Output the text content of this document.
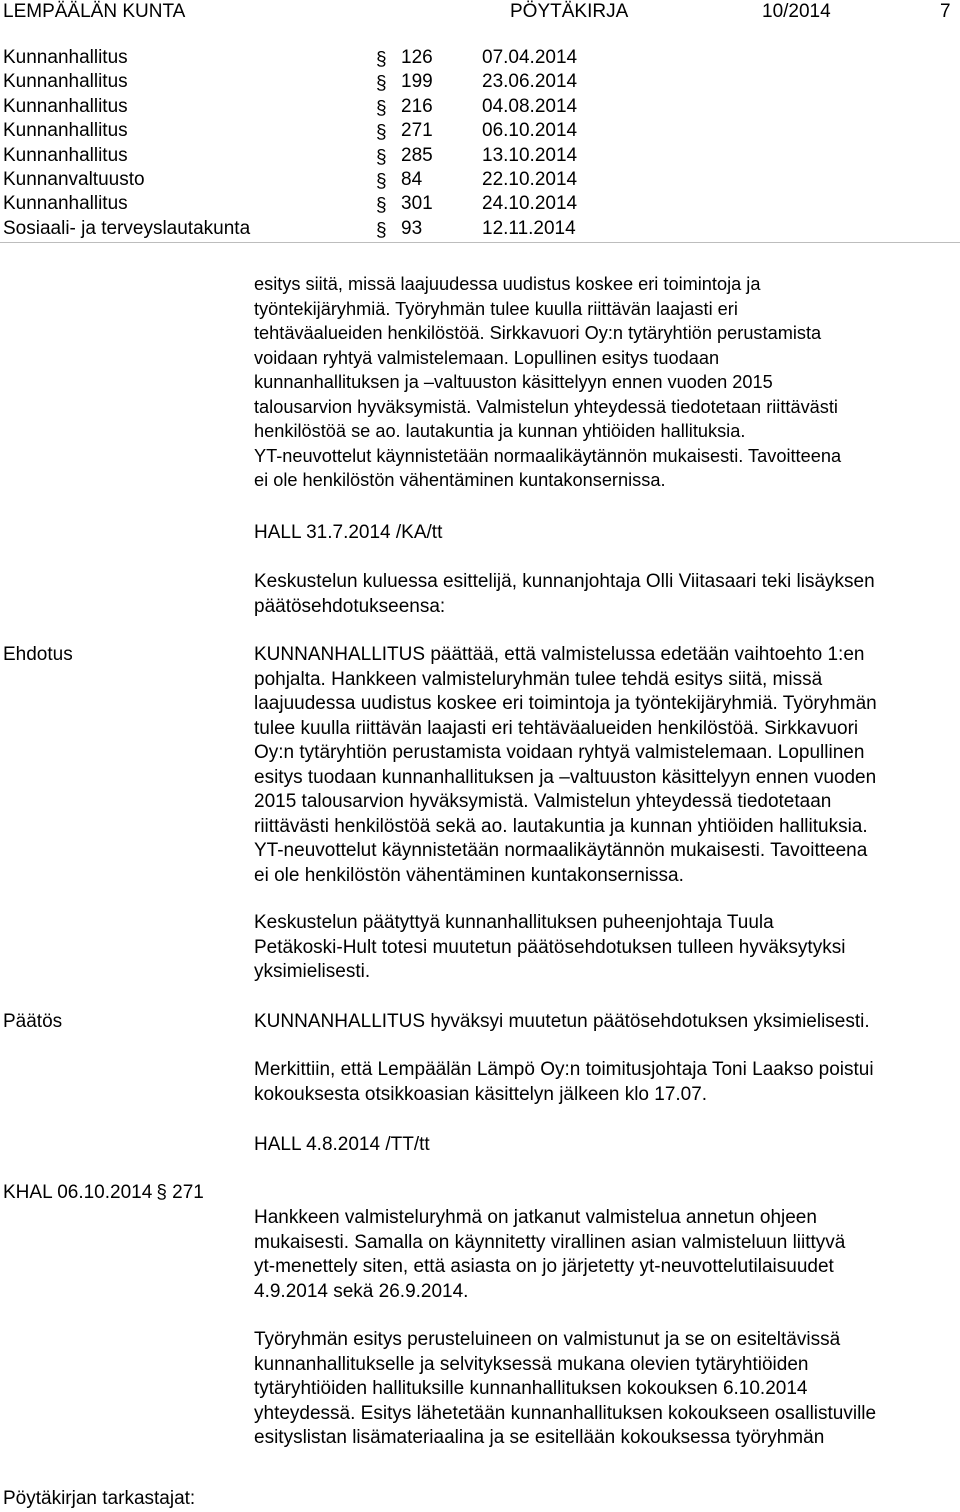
LEMPÄÄLÄN KUNTA	PÖYTÄKIRJA	10/2014	7
Kunnanhallitus	§ 126	07.04.2014
Kunnanhallitus	§ 199	23.06.2014
Kunnanhallitus	§ 216	04.08.2014
Kunnanhallitus	§ 271	06.10.2014
Kunnanhallitus	§ 285	13.10.2014
Kunnanvaltuusto	§ 84	22.10.2014
Kunnanhallitus	§ 301	24.10.2014
Sosiaali- ja terveyslautakunta	§ 93	12.11.2014

esitys siitä, missä laajuudessa uudistus koskee eri toimintoja ja

työntekijäryhmiä. Työryhmän tulee kuulla riittävän laajasti eri

tehtäväalueiden henkilöstöä. Sirkkavuori Oy:n tytäryhtiön perustamista

voidaan ryhtyä valmistelemaan. Lopullinen esitys tuodaan

kunnanhallituksen ja –valtuuston käsittelyyn ennen vuoden 2015

talousarvion hyväksymistä. Valmistelun yhteydessä tiedotetaan riittävästi

henkilöstöä se ao. lautakuntia ja kunnan yhtiöiden hallituksia.

YT-neuvottelut käynnistetään normaalikäytännön mukaisesti. Tavoitteena

ei ole henkilöstön vähentäminen kuntakonsernissa.

HALL 31.7.2014 /KA/tt

Keskustelun kuluessa esittelijä, kunnanjohtaja Olli Viitasaari teki lisäyksen

päätösehdotukseensa:

Ehdotus	KUNNANHALLITUS päättää, että valmistelussa edetään vaihtoehto 1:en

pohjalta. Hankkeen valmisteluryhmän tulee tehdä esitys siitä, missä

laajuudessa uudistus koskee eri toimintoja ja työntekijäryhmiä. Työryhmän

tulee kuulla riittävän laajasti eri tehtäväalueiden henkilöstöä. Sirkkavuori

Oy:n tytäryhtiön perustamista voidaan ryhtyä valmistelemaan. Lopullinen

esitys tuodaan kunnanhallituksen ja –valtuuston käsittelyyn ennen vuoden

2015 talousarvion hyväksymistä. Valmistelun yhteydessä tiedotetaan

riittävästi henkilöstöä sekä ao. lautakuntia ja kunnan yhtiöiden hallituksia.

YT-neuvottelut käynnistetään normaalikäytännön mukaisesti. Tavoitteena

ei ole henkilöstön vähentäminen kuntakonsernissa.

Keskustelun päätyttyä kunnanhallituksen puheenjohtaja Tuula

Petäkoski-Hult totesi muutetun päätösehdotuksen tulleen hyväksytyksi

yksimielisesti.

Päätös	KUNNANHALLITUS hyväksyi muutetun päätösehdotuksen yksimielisesti.

Merkittiin, että Lempäälän Lämpö Oy:n toimitusjohtaja Toni Laakso poistui

kokouksesta otsikkoasian käsittelyn jälkeen klo 17.07.

HALL 4.8.2014 /TT/tt

KHAL 06.10.2014 § 271

Hankkeen valmisteluryhmä on jatkanut valmistelua annetun ohjeen

mukaisesti. Samalla on käynnitetty virallinen asian valmisteluun liittyvä

yt-menettely siten, että asiasta on jo järjetetty yt-neuvottelutilaisuudet

4.9.2014 sekä 26.9.2014.

Työryhmän esitys perusteluineen on valmistunut ja se on esiteltävissä

kunnanhallitukselle ja selvityksessä mukana olevien tytäryhtiöiden

tytäryhtiöiden hallituksille kunnanhallituksen kokouksen 6.10.2014

yhteydessä. Esitys lähetetään kunnanhallituksen kokoukseen osallistuville

esityslistan lisämateriaalina ja se esitellään kokouksessa työryhmän

Pöytäkirjan tarkastajat:
